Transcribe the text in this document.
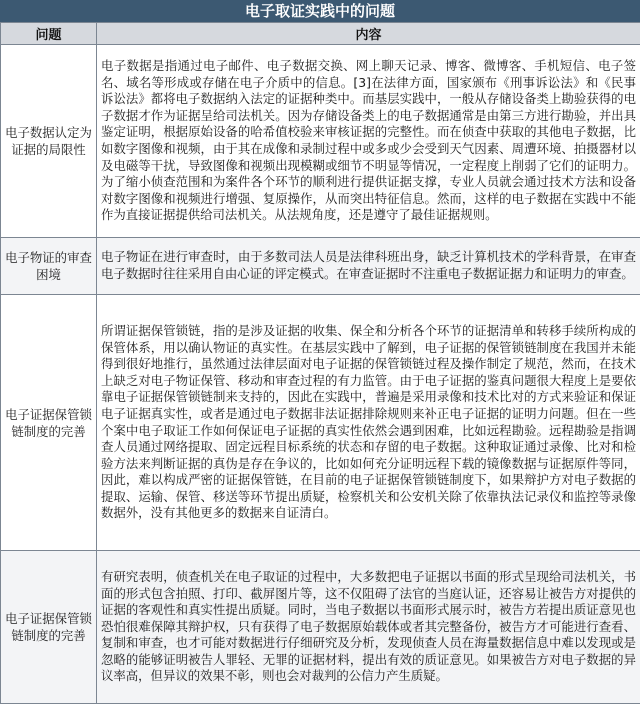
电子取证实践中的问题
问题	内容
电子数据认定为证据的局限性	电子数据是指通过电子邮件、电子数据交换、网上聊天记录、博客、微博客、手机短信、电子签名、域名等形成或存储在电子介质中的信息。[3]在法律方面，国家颁布《刑事诉讼法》和《民事诉讼法》都将电子数据纳入法定的证据种类中。而基层实践中，一般从存储设备类上勘验获得的电子数据才作为证据呈给司法机关。因为存储设备类上的电子数据通常是由第三方进行勘验，并出具鉴定证明，根据原始设备的哈希值校验来审核证据的完整性。而在侦查中获取的其他电子数据，比如数字图像和视频，由于其在成像和录制过程中或多或少会受到天气因素、周遭环境、拍摄器材以及电磁等干扰，导致图像和视频出现模糊或细节不明显等情况，一定程度上削弱了它们的证明力。为了缩小侦查范围和为案件各个环节的顺利进行提供证据支撑，专业人员就会通过技术方法和设备对数字图像和视频进行增强、复原操作，从而突出特征信息。然而，这样的电子数据在实践中不能作为直接证据提供给司法机关。从法规角度，还是遵守了最佳证据规则。
电子物证的审查困境	电子物证在进行审查时，由于多数司法人员是法律科班出身，缺乏计算机技术的学科背景，在审查电子数据时往往采用自由心证的评定模式。在审查证据时不注重电子数据证据力和证明力的审查。
电子证据保管锁链制度的完善	所谓证据保管锁链，指的是涉及证据的收集、保全和分析各个环节的证据清单和转移手续所构成的保管体系，用以确认物证的真实性。在基层实践中了解到，电子证据的保管锁链制度在我国并未能得到很好地推行，虽然通过法律层面对电子证据的保管锁链过程及操作制定了规范，然而，在技术上缺乏对电子物证保管、移动和审查过程的有力监管。由于电子证据的鉴真问题很大程度上是要依靠电子证据保管锁链制来支持的，因此在实践中，普遍是采用录像和技术比对的方式来验证和保证电子证据真实性，或者是通过电子数据非法证据排除规则来补正电子证据的证明力问题。但在一些个案中电子取证工作如何保证电子证据的真实性依然会遇到困难，比如远程勘验。远程勘验是指调查人员通过网络提取、固定远程目标系统的状态和存留的电子数据。这种取证通过录像、比对和检验方法来判断证据的真伪是存在争议的，比如如何充分证明远程下载的镜像数据与证据原件等同，因此，难以构成严密的证据保管链，在目前的电子证据保管锁链制度下，如果辩护方对电子数据的提取、运输、保管、移送等环节提出质疑，检察机关和公安机关除了依靠执法记录仪和监控等录像数据外，没有其他更多的数据来自证清白。
电子证据保管锁链制度的完善	有研究表明，侦查机关在电子取证的过程中，大多数把电子证据以书面的形式呈现给司法机关，书面的形式包含拍照、打印、截屏图片等，这不仅阻碍了法官的当庭认证，还容易让被告方对提供的证据的客观性和真实性提出质疑。同时，当电子数据以书面形式展示时，被告方若提出质证意见也恐怕很难保障其辩护权，只有获得了电子数据原始载体或者其完整备份，被告方才可能进行查看、复制和审查，也才可能对数据进行仔细研究及分析，发现侦查人员在海量数据信息中难以发现或是忽略的能够证明被告人罪轻、无罪的证据材料，提出有效的质证意见。如果被告方对电子数据的异议率高，但异议的效果不彰，则也会对裁判的公信力产生质疑。
